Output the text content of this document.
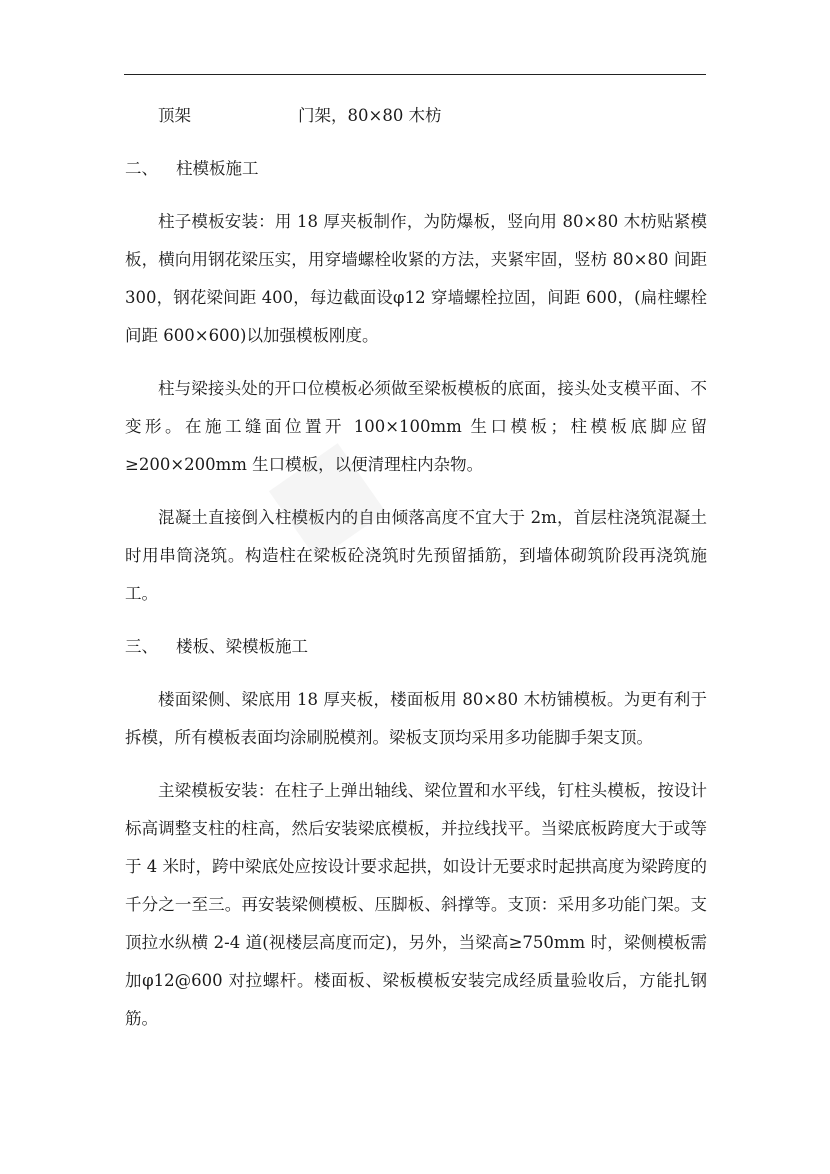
顶架	门架，80×80 木枋
二、 柱模板施工

柱子模板安装：用 18 厚夹板制作，为防爆板，竖向用 80×80 木枋贴紧模板，横向用钢花梁压实，用穿墙螺栓收紧的方法，夹紧牢固，竖枋 80×80 间距 300，钢花梁间距 400，每边截面设φ12 穿墙螺栓拉固，间距 600，(扁柱螺栓间距 600×600)以加强模板刚度。

柱与梁接头处的开口位模板必须做至梁板模板的底面，接头处支模平面、不变形。在施工缝面位置开 100×100mm 生口模板；柱模板底脚应留≥200×200mm 生口模板，以便清理柱内杂物。

混凝土直接倒入柱模板内的自由倾落高度不宜大于 2m，首层柱浇筑混凝土时用串筒浇筑。构造柱在梁板砼浇筑时先预留插筋，到墙体砌筑阶段再浇筑施工。

三、 楼板、梁模板施工

楼面梁侧、梁底用 18 厚夹板，楼面板用 80×80 木枋铺模板。为更有利于拆模，所有模板表面均涂刷脱模剂。梁板支顶均采用多功能脚手架支顶。

主梁模板安装：在柱子上弹出轴线、梁位置和水平线，钉柱头模板，按设计标高调整支柱的柱高，然后安装梁底模板，并拉线找平。当梁底板跨度大于或等于 4 米时，跨中梁底处应按设计要求起拱，如设计无要求时起拱高度为梁跨度的千分之一至三。再安装梁侧模板、压脚板、斜撑等。支顶：采用多功能门架。支顶拉水纵横 2-4 道(视楼层高度而定)，另外，当梁高≥750mm 时，梁侧模板需加φ12@600 对拉螺杆。楼面板、梁板模板安装完成经质量验收后，方能扎钢筋。
